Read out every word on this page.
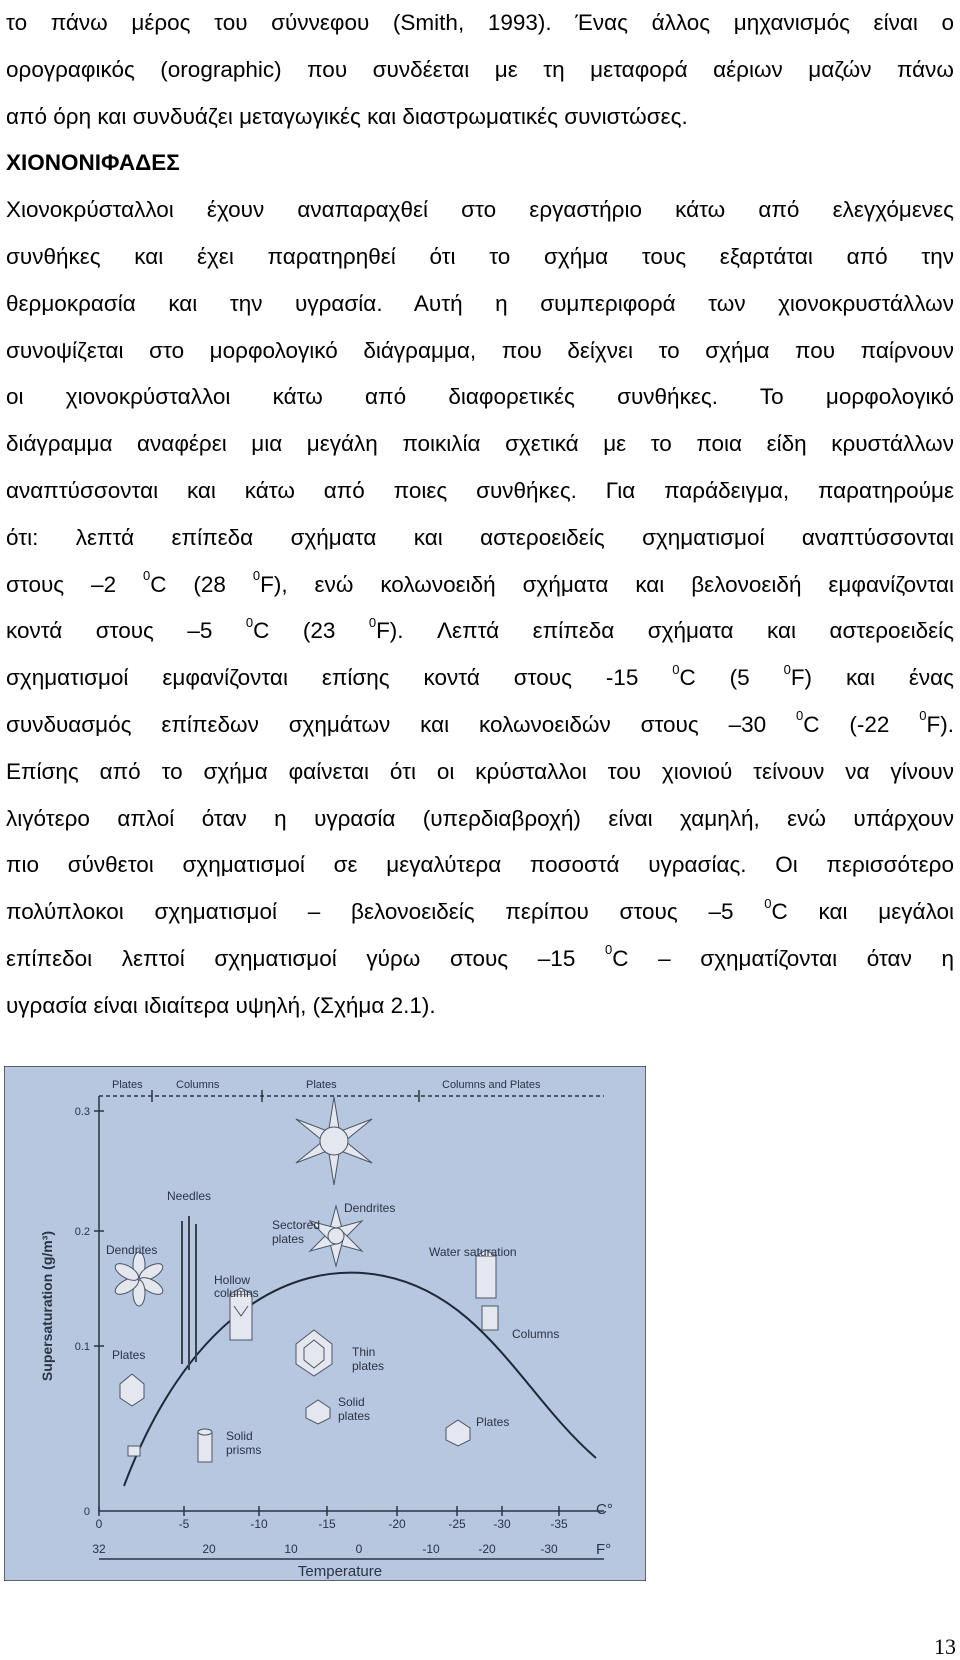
το πάνω μέρος του σύννεφου (Smith, 1993). Ένας άλλος μηχανισμός είναι ο
ορογραφικός (orographic) που συνδέεται με τη μεταφορά αέριων μαζών πάνω
από όρη και συνδυάζει μεταγωγικές και διαστρωματικές συνιστώσες.
ΧΙΟΝΟΝΙΦΑΔΕΣ
Χιονοκρύσταλλοι έχουν αναπαραχθεί στο εργαστήριο κάτω από ελεγχόμενες
συνθήκες και έχει παρατηρηθεί ότι το σχήμα τους εξαρτάται από την
θερμοκρασία και την υγρασία. Αυτή η συμπεριφορά των χιονοκρυστάλλων
συνοψίζεται στο μορφολογικό διάγραμμα, που δείχνει το σχήμα που παίρνουν
οι χιονοκρύσταλλοι κάτω από διαφορετικές συνθήκες. Το μορφολογικό
διάγραμμα αναφέρει μια μεγάλη ποικιλία σχετικά με το ποια είδη κρυστάλλων
αναπτύσσονται και κάτω από ποιες συνθήκες. Για παράδειγμα, παρατηρούμε
ότι: λεπτά επίπεδα σχήματα και αστεροειδείς σχηματισμοί αναπτύσσονται
στους –2 $^0$C (28 $^0$F), ενώ κολωνοειδή σχήματα και βελονοειδή εμφανίζονται
κοντά στους –5 $^0$C (23 $^0$F). Λεπτά επίπεδα σχήματα και αστεροειδείς
σχηματισμοί εμφανίζονται επίσης κοντά στους -15 $^0$C (5 $^0$F) και ένας
συνδυασμός επίπεδων σχημάτων και κολωνοειδών στους –30 $^0$C (-22 $^0$F).
Επίσης από το σχήμα φαίνεται ότι οι κρύσταλλοι του χιονιού τείνουν να γίνουν
λιγότερο απλοί όταν η υγρασία (υπερδιαβροχή) είναι χαμηλή, ενώ υπάρχουν
πιο σύνθετοι σχηματισμοί σε μεγαλύτερα ποσοστά υγρασίας. Οι περισσότερο
πολύπλοκοι σχηματισμοί – βελονοειδείς περίπου στους –5 $^0$C και μεγάλοι
επίπεδοι λεπτοί σχηματισμοί γύρω στους –15 $^0$C – σχηματίζονται όταν η
υγρασία είναι ιδιαίτερα υψηλή, (Σχήμα 2.1).
Plates	Columns	Plates	Columns and Plates
0.3
0.2
0.1
0
Supersaturation (g/m³)
0	-5	-10	-15	-20	-25 -30	-35
C°
32	20	10	0	-10	-20	-30	F°
Temperature
Dendrites
Needles
Sectored
plates
Dendrites
Hollow
columns
Water saturation
Plates	Thin
plates
Columns
Solid
plates	Plates
Solid
prisms
13
